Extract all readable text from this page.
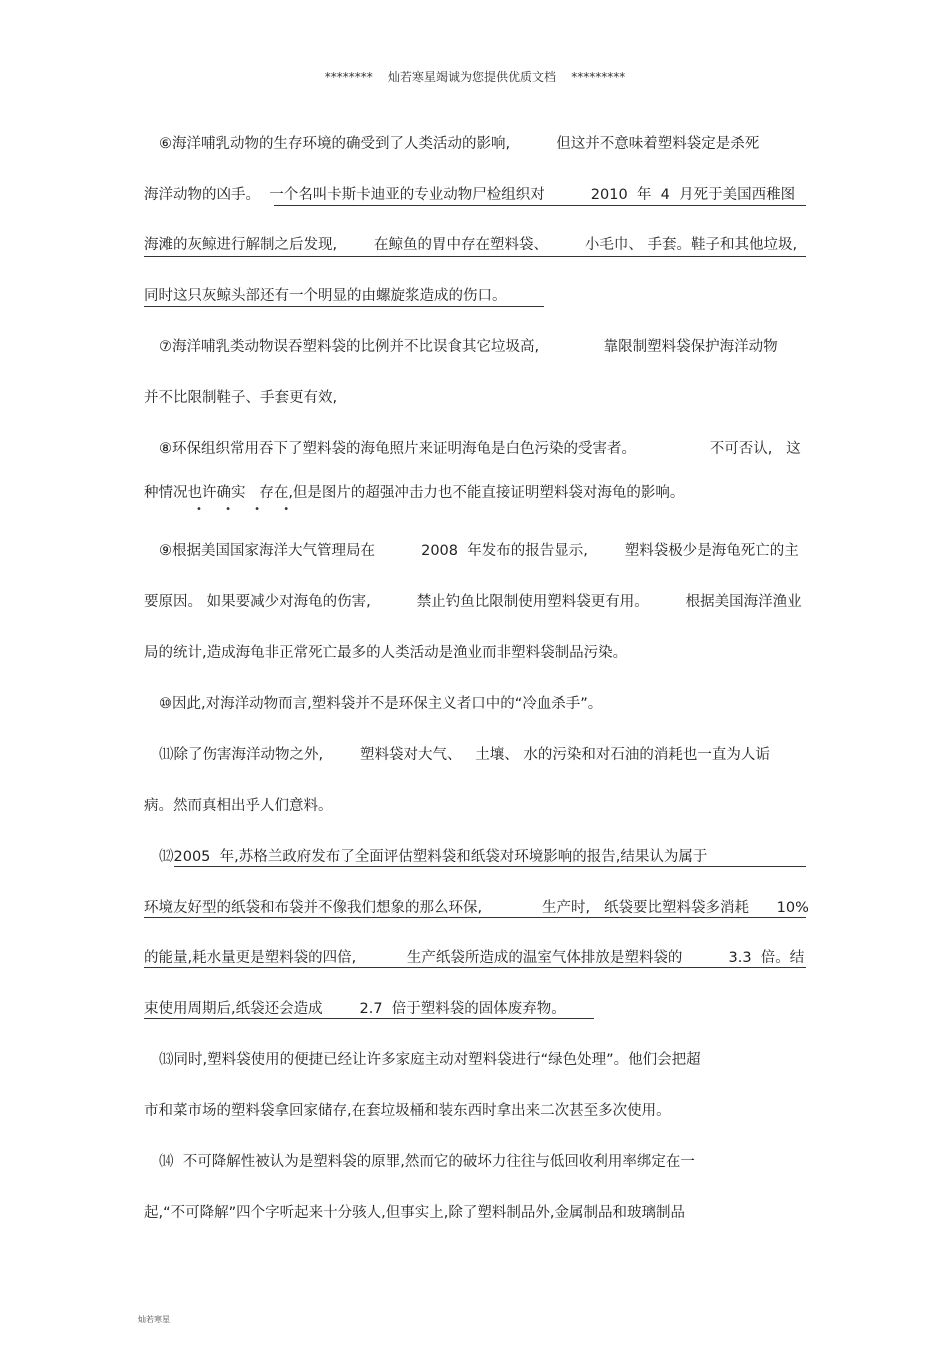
********    灿若寒星竭诚为您提供优质文档    *********
⑥海洋哺乳动物的生存环境的确受到了人类活动的影响,          但这并不意味着塑料袋定是杀死
海洋动物的凶手。  一个名叫卡斯卡迪亚的专业动物尸检组织对          2010  年  4  月死于美国西稚图
海滩的灰鲸进行解制之后发现,        在鲸鱼的胃中存在塑料袋、        小毛巾、 手套。鞋子和其他垃圾,
同时这只灰鲸头部还有一个明显的由螺旋浆造成的伤口。
⑦海洋哺乳类动物误吞塑料袋的比例并不比误食其它垃圾高,              靠限制塑料袋保护海洋动物
并不比限制鞋子、手套更有效,
⑧环保组织常用吞下了塑料袋的海龟照片来证明海龟是白色污染的受害者。                不可否认,   这
种情况也许确实   存在,但是图片的超强冲击力也不能直接证明塑料袋对海龟的影响。
• • • •
⑨根据美国国家海洋大气管理局在          2008  年发布的报告显示,        塑料袋极少是海龟死亡的主
要原因。 如果要减少对海龟的伤害,          禁止钓鱼比限制使用塑料袋更有用。        根据美国海洋渔业
局的统计,造成海龟非正常死亡最多的人类活动是渔业而非塑料袋制品污染。
⑩因此,对海洋动物而言,塑料袋并不是环保主义者口中的“冷血杀手”。
⑾除了伤害海洋动物之外,        塑料袋对大气、   土壤、 水的污染和对石油的消耗也一直为人诟
病。然而真相出乎人们意料。
⑿2005  年,苏格兰政府发布了全面评估塑料袋和纸袋对环境影响的报告,结果认为属于
环境友好型的纸袋和布袋并不像我们想象的那么环保,             生产时,   纸袋要比塑料袋多消耗      10%
的能量,耗水量更是塑料袋的四倍,           生产纸袋所造成的温室气体排放是塑料袋的          3.3  倍。结
束使用周期后,纸袋还会造成        2.7  倍于塑料袋的固体废弃物。
⒀同时,塑料袋使用的便捷已经让许多家庭主动对塑料袋进行“绿色处理”。他们会把超
市和菜市场的塑料袋拿回家储存,在套垃圾桶和装东西时拿出来二次甚至多次使用。
⒁  不可降解性被认为是塑料袋的原罪,然而它的破坏力往往与低回收利用率绑定在一
起,“不可降解”四个字听起来十分骇人,但事实上,除了塑料制品外,金属制品和玻璃制品
灿若寒星
